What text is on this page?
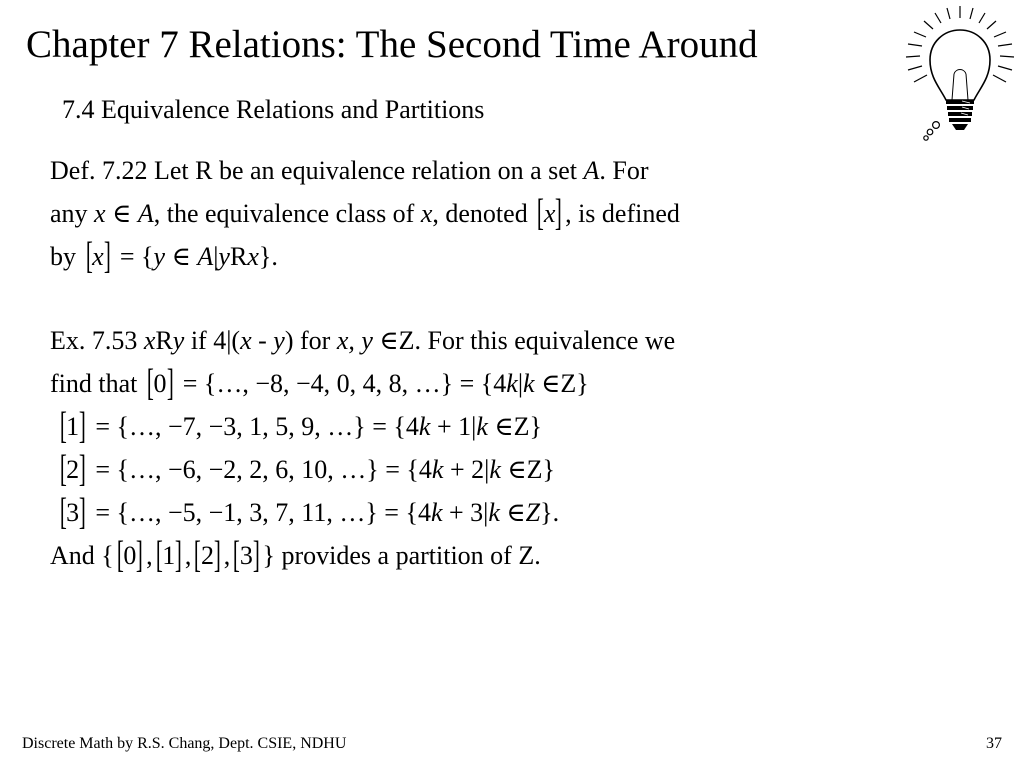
Chapter 7 Relations: The Second Time Around
7.4 Equivalence Relations and Partitions
Def. 7.22 Let R be an equivalence relation on a set A. For
any x ∈ A, the equivalence class of x, denoted [x] , is defined
by [x] = {y ∈ A|yRx}.
Ex. 7.53 xRy if 4|(x - y) for x, y ∈Z. For this equivalence we
find that [0] = {…, −8, −4, 0, 4, 8, …} = {4k|k ∈Z}
[1] = {…, −7, −3, 1, 5, 9, …} = {4k + 1|k ∈Z}
[2] = {…, −6, −2, 2, 6, 10, …} = {4k + 2|k ∈Z}
[3] = {…, −5, −1, 3, 7, 11, …} = {4k + 3|k ∈Z}.
And {[0] ,[1] ,[2] ,[3] } provides a partition of Z.
Discrete Math by R.S. Chang, Dept. CSIE, NDHU	37
